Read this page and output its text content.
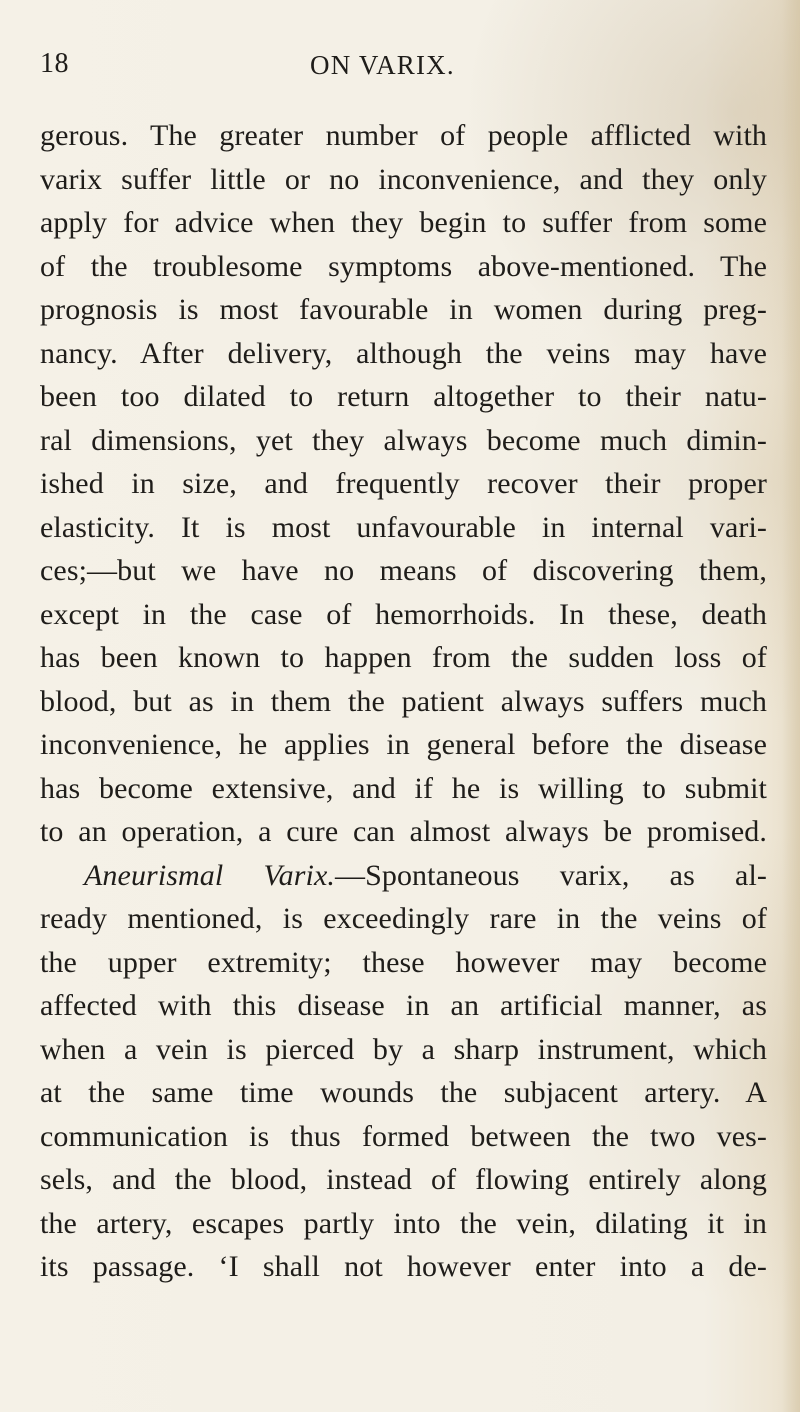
18	ON VARIX.
gerous. The greater number of people afflicted with
varix suffer little or no inconvenience, and they only
apply for advice when they begin to suffer from some
of the troublesome symptoms above-mentioned. The
prognosis is most favourable in women during preg-
nancy. After delivery, although the veins may have
been too dilated to return altogether to their natu-
ral dimensions, yet they always become much dimin-
ished in size, and frequently recover their proper
elasticity. It is most unfavourable in internal vari-
ces;—but we have no means of discovering them,
except in the case of hemorrhoids. In these, death
has been known to happen from the sudden loss of
blood, but as in them the patient always suffers much
inconvenience, he applies in general before the disease
has become extensive, and if he is willing to submit
to an operation, a cure can almost always be promised.
Aneurismal Varix.—Spontaneous varix, as al-
ready mentioned, is exceedingly rare in the veins of
the upper extremity; these however may become
affected with this disease in an artificial manner, as
when a vein is pierced by a sharp instrument, which
at the same time wounds the subjacent artery. A
communication is thus formed between the two ves-
sels, and the blood, instead of flowing entirely along
the artery, escapes partly into the vein, dilating it in
its passage. ‘I shall not however enter into a de-
